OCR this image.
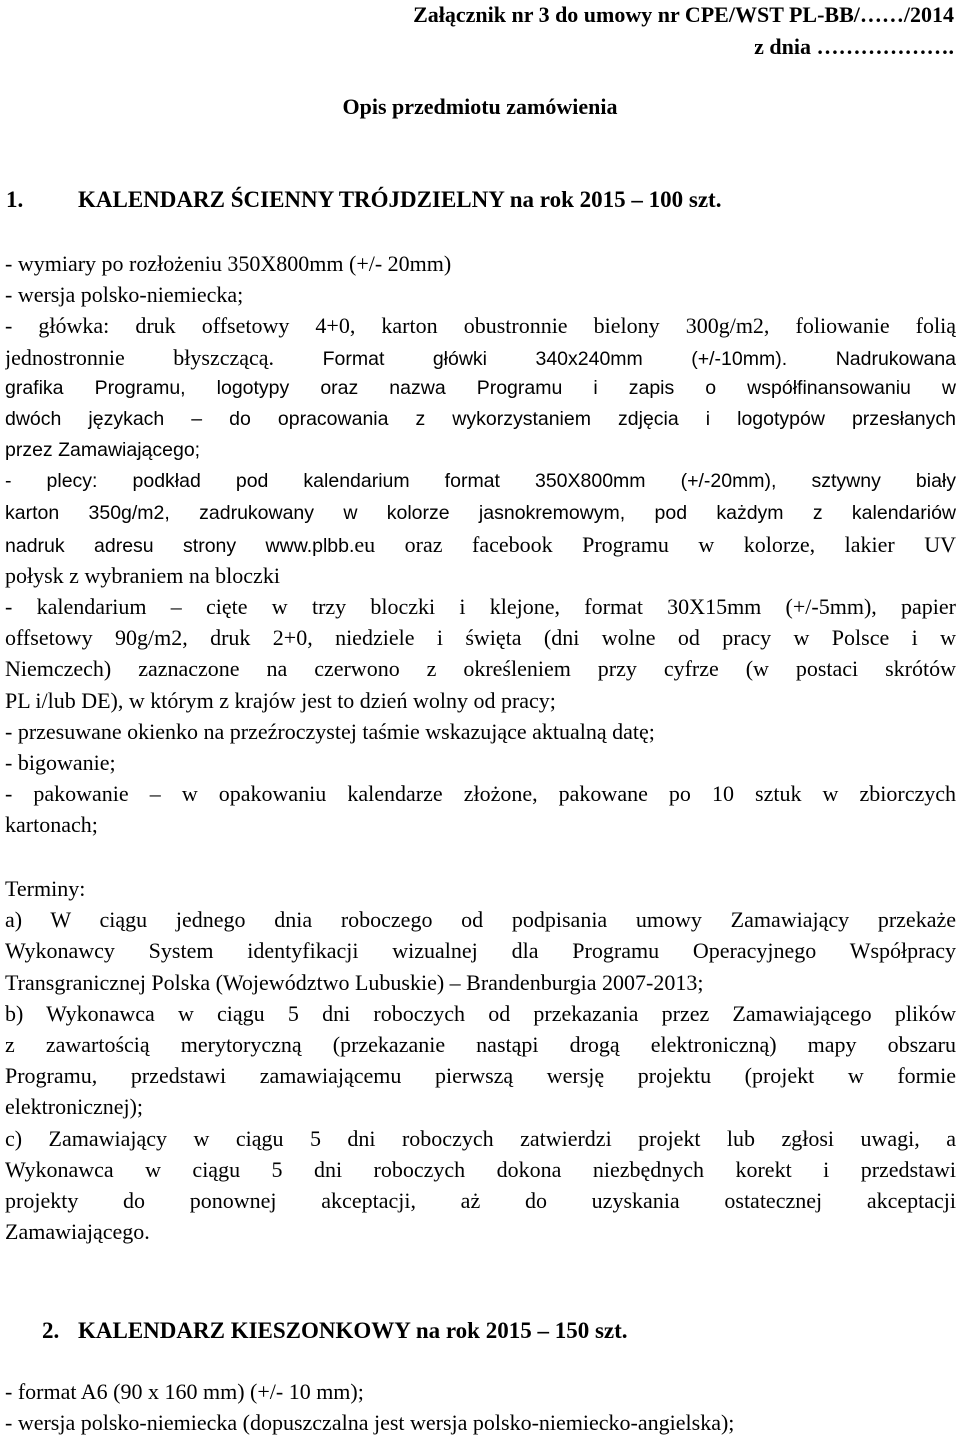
Załącznik nr 3 do umowy nr CPE/WST PL-BB/……/2014
z dnia ……………….
Opis przedmiotu zamówienia
1. KALENDARZ ŚCIENNY TRÓJDZIELNY na rok 2015 – 100 szt.
- wymiary po rozłożeniu 350X800mm (+/- 20mm)
- wersja polsko-niemiecka;
- główka: druk offsetowy 4+0, karton obustronnie bielony 300g/m2, foliowanie folią
jednostronnie błyszczącą. Format główki 340x240mm (+/-10mm). Nadrukowana
grafika Programu, logotypy oraz nazwa Programu i zapis o współfinansowaniu w
dwóch językach – do opracowania z wykorzystaniem zdjęcia i logotypów przesłanych
przez Zamawiającego;
- plecy: podkład pod kalendarium format 350X800mm (+/-20mm), sztywny biały
karton 350g/m2, zadrukowany w kolorze jasnokremowym, pod każdym z kalendariów
nadruk adresu strony www.plbb.eu oraz facebook Programu w kolorze, lakier UV
połysk z wybraniem na bloczki
- kalendarium – cięte w trzy bloczki i klejone, format 30X15mm (+/-5mm), papier
offsetowy 90g/m2, druk 2+0, niedziele i święta (dni wolne od pracy w Polsce i w
Niemczech) zaznaczone na czerwono z określeniem przy cyfrze (w postaci skrótów
PL i/lub DE), w którym z krajów jest to dzień wolny od pracy;
- przesuwane okienko na przeźroczystej taśmie wskazujące aktualną datę;
- bigowanie;
- pakowanie – w opakowaniu kalendarze złożone, pakowane po 10 sztuk w zbiorczych
kartonach;
Terminy:
a) W ciągu jednego dnia roboczego od podpisania umowy Zamawiający przekaże
Wykonawcy System identyfikacji wizualnej dla Programu Operacyjnego Współpracy
Transgranicznej Polska (Województwo Lubuskie) – Brandenburgia 2007-2013;
b) Wykonawca w ciągu 5 dni roboczych od przekazania przez Zamawiającego plików
z zawartością merytoryczną (przekazanie nastąpi drogą elektroniczną) mapy obszaru
Programu, przedstawi zamawiającemu pierwszą wersję projektu (projekt w formie
elektronicznej);
c) Zamawiający w ciągu 5 dni roboczych zatwierdzi projekt lub zgłosi uwagi, a
Wykonawca w ciągu 5 dni roboczych dokona niezbędnych korekt i przedstawi
projekty do ponownej akceptacji, aż do uzyskania ostatecznej akceptacji
Zamawiającego.
2. KALENDARZ KIESZONKOWY na rok 2015 – 150 szt.
- format A6 (90 x 160 mm) (+/- 10 mm);
- wersja polsko-niemiecka (dopuszczalna jest wersja polsko-niemiecko-angielska);
